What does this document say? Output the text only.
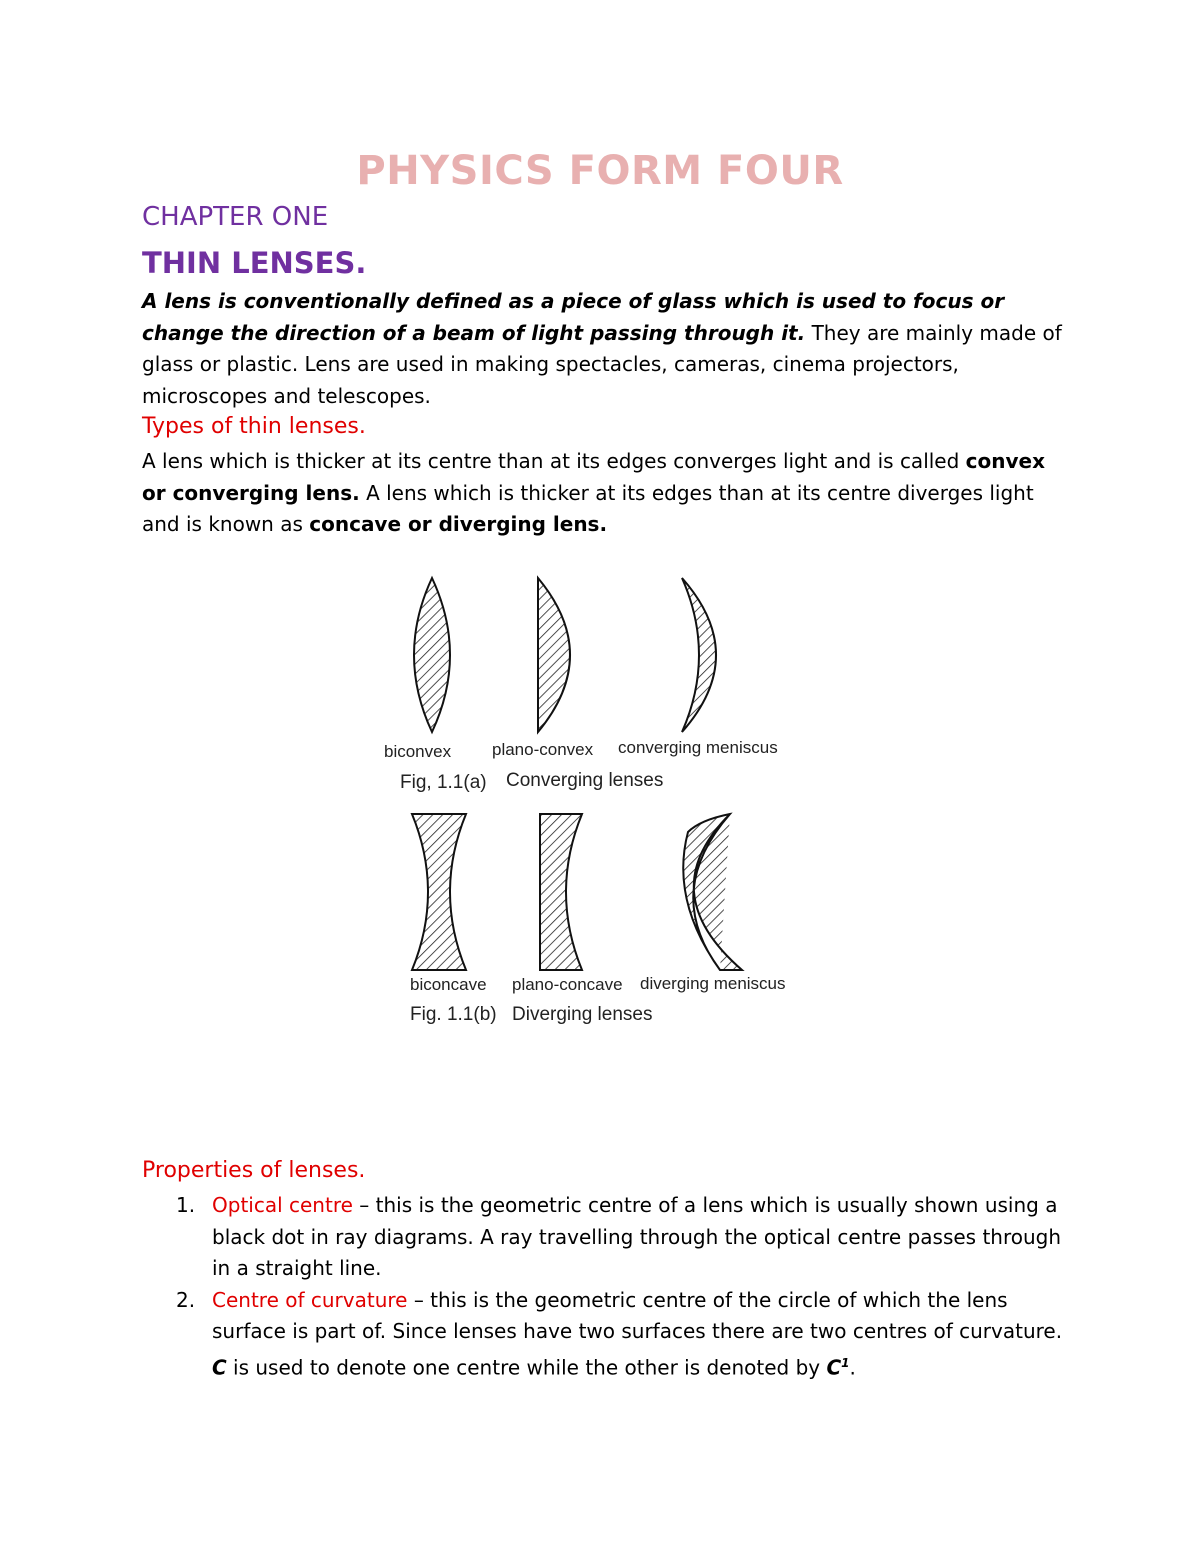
PHYSICS FORM FOUR
CHAPTER ONE
THIN LENSES.
A lens is conventionally defined as a piece of glass which is used to focus or change the direction of a beam of light passing through it. They are mainly made of glass or plastic. Lens are used in making spectacles, cameras, cinema projectors, microscopes and telescopes.
Types of thin lenses.
A lens which is thicker at its centre than at its edges converges light and is called convex or converging lens. A lens which is thicker at its edges than at its centre diverges light and is known as concave or diverging lens.
biconvex plano-convex converging meniscus
Fig, 1.1(a) Converging lenses
biconcave plano-concave diverging meniscus
Fig. 1.1(b) Diverging lenses
Properties of lenses.
1. Optical centre – this is the geometric centre of a lens which is usually shown using a black dot in ray diagrams. A ray travelling through the optical centre passes through in a straight line.
2. Centre of curvature – this is the geometric centre of the circle of which the lens surface is part of. Since lenses have two surfaces there are two centres of curvature. C is used to denote one centre while the other is denoted by $C^1$.
